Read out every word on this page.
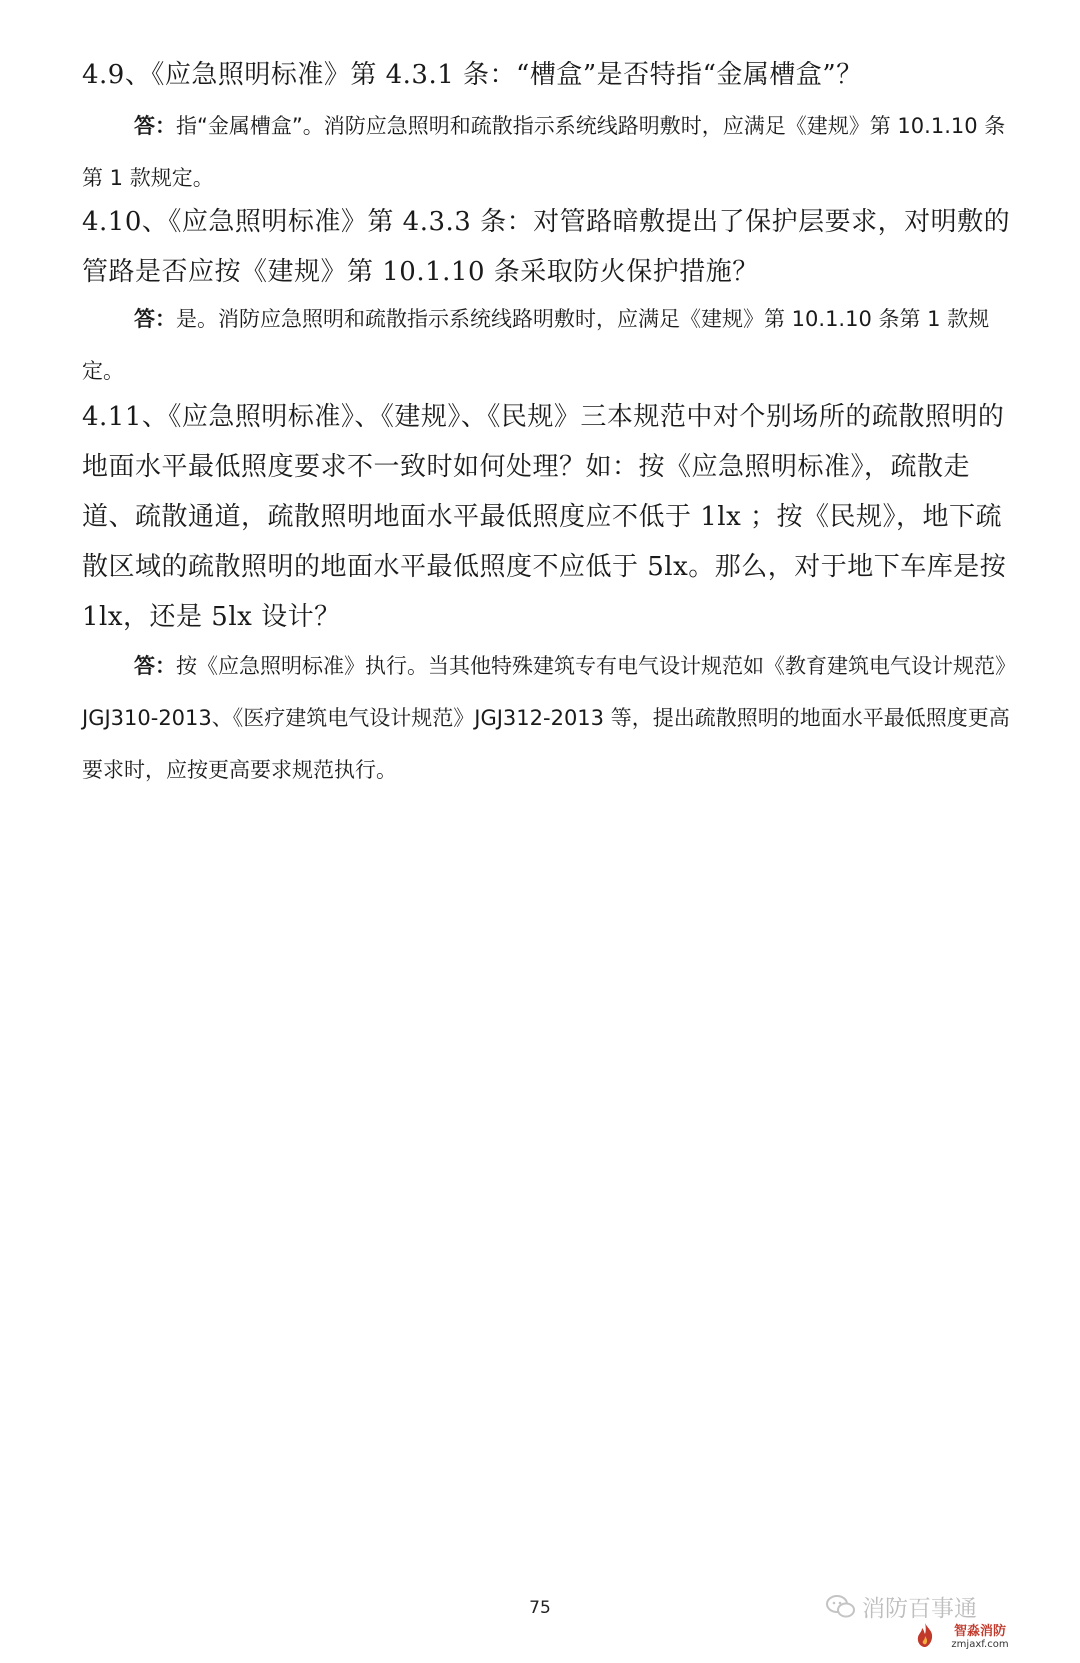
4.9、《应急照明标准》第 4.3.1 条：“槽盒”是否特指“金属槽盒”？

答：指“金属槽盒”。消防应急照明和疏散指示系统线路明敷时，应满足《建规》第 10.1.10 条第 1 款规定。

4.10、《应急照明标准》第 4.3.3 条：对管路暗敷提出了保护层要求，对明敷的管路是否应按《建规》第 10.1.10 条采取防火保护措施？

答：是。消防应急照明和疏散指示系统线路明敷时，应满足《建规》第 10.1.10 条第 1 款规定。

4.11、《应急照明标准》、《建规》、《民规》三本规范中对个别场所的疏散照明的地面水平最低照度要求不一致时如何处理？如：按《应急照明标准》，疏散走道、疏散通道，疏散照明地面水平最低照度应不低于 1lx ；按《民规》，地下疏散区域的疏散照明的地面水平最低照度不应低于 5lx。那么，对于地下车库是按 1lx，还是 5lx 设计？

答：按《应急照明标准》执行。当其他特殊建筑专有电气设计规范如《教育建筑电气设计规范》JGJ310-2013、《医疗建筑电气设计规范》JGJ312-2013 等，提出疏散照明的地面水平最低照度更高要求时，应按更高要求规范执行。

75	消防百事通
智淼消防
zmjaxf.com
